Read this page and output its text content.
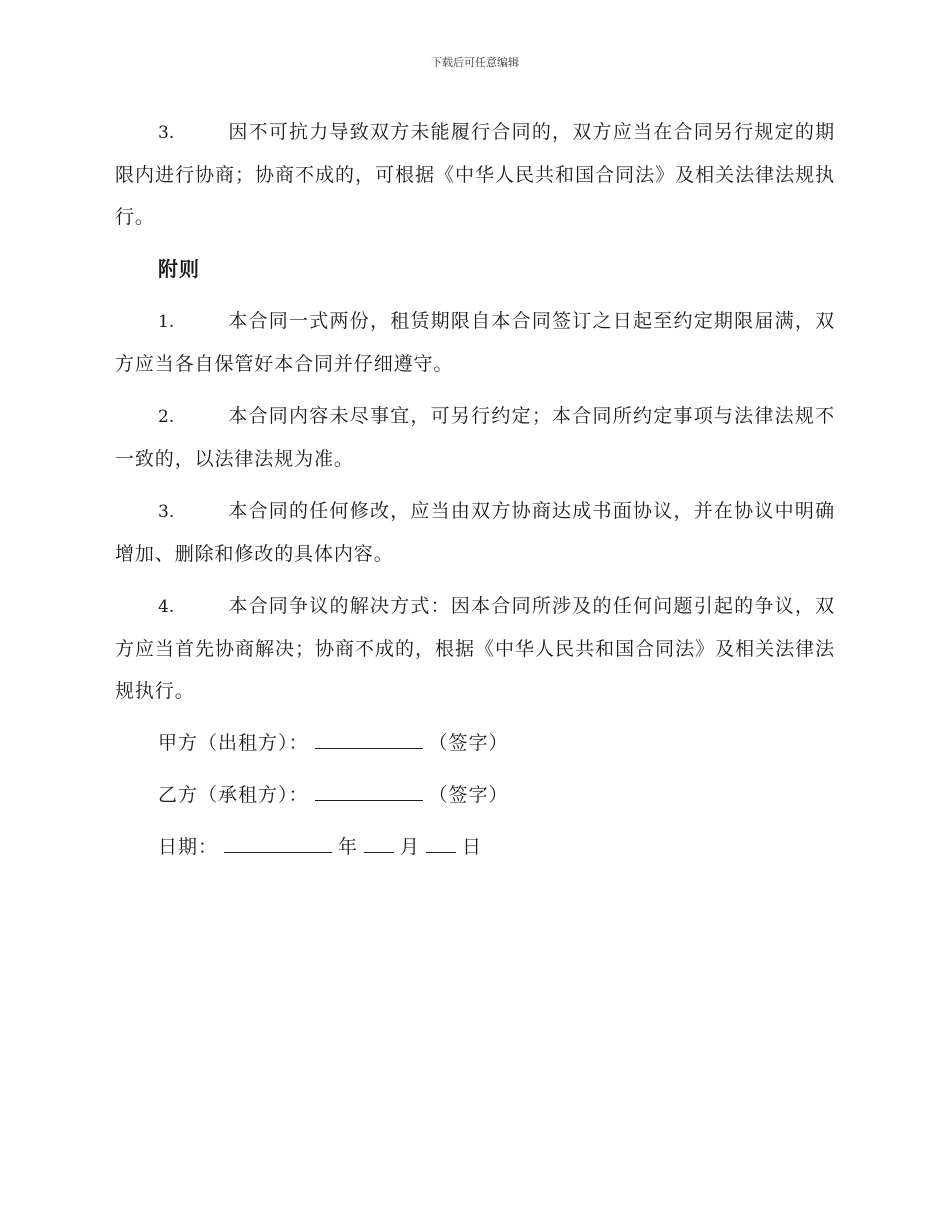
下载后可任意编辑

3.	因不可抗力导致双方未能履行合同的，双方应当在合同另行规定的期限内进行协商；协商不成的，可根据《中华人民共和国合同法》及相关法律法规执行。

附则

1.	本合同一式两份，租赁期限自本合同签订之日起至约定期限届满，双方应当各自保管好本合同并仔细遵守。

2.	本合同内容未尽事宜，可另行约定；本合同所约定事项与法律法规不一致的，以法律法规为准。

3.	本合同的任何修改，应当由双方协商达成书面协议，并在协议中明确增加、删除和修改的具体内容。

4.	本合同争议的解决方式：因本合同所涉及的任何问题引起的争议，双方应当首先协商解决；协商不成的，根据《中华人民共和国合同法》及相关法律法规执行。

甲方（出租方）：	（签字）
乙方（承租方）：	（签字）
日期：	年 月 日
